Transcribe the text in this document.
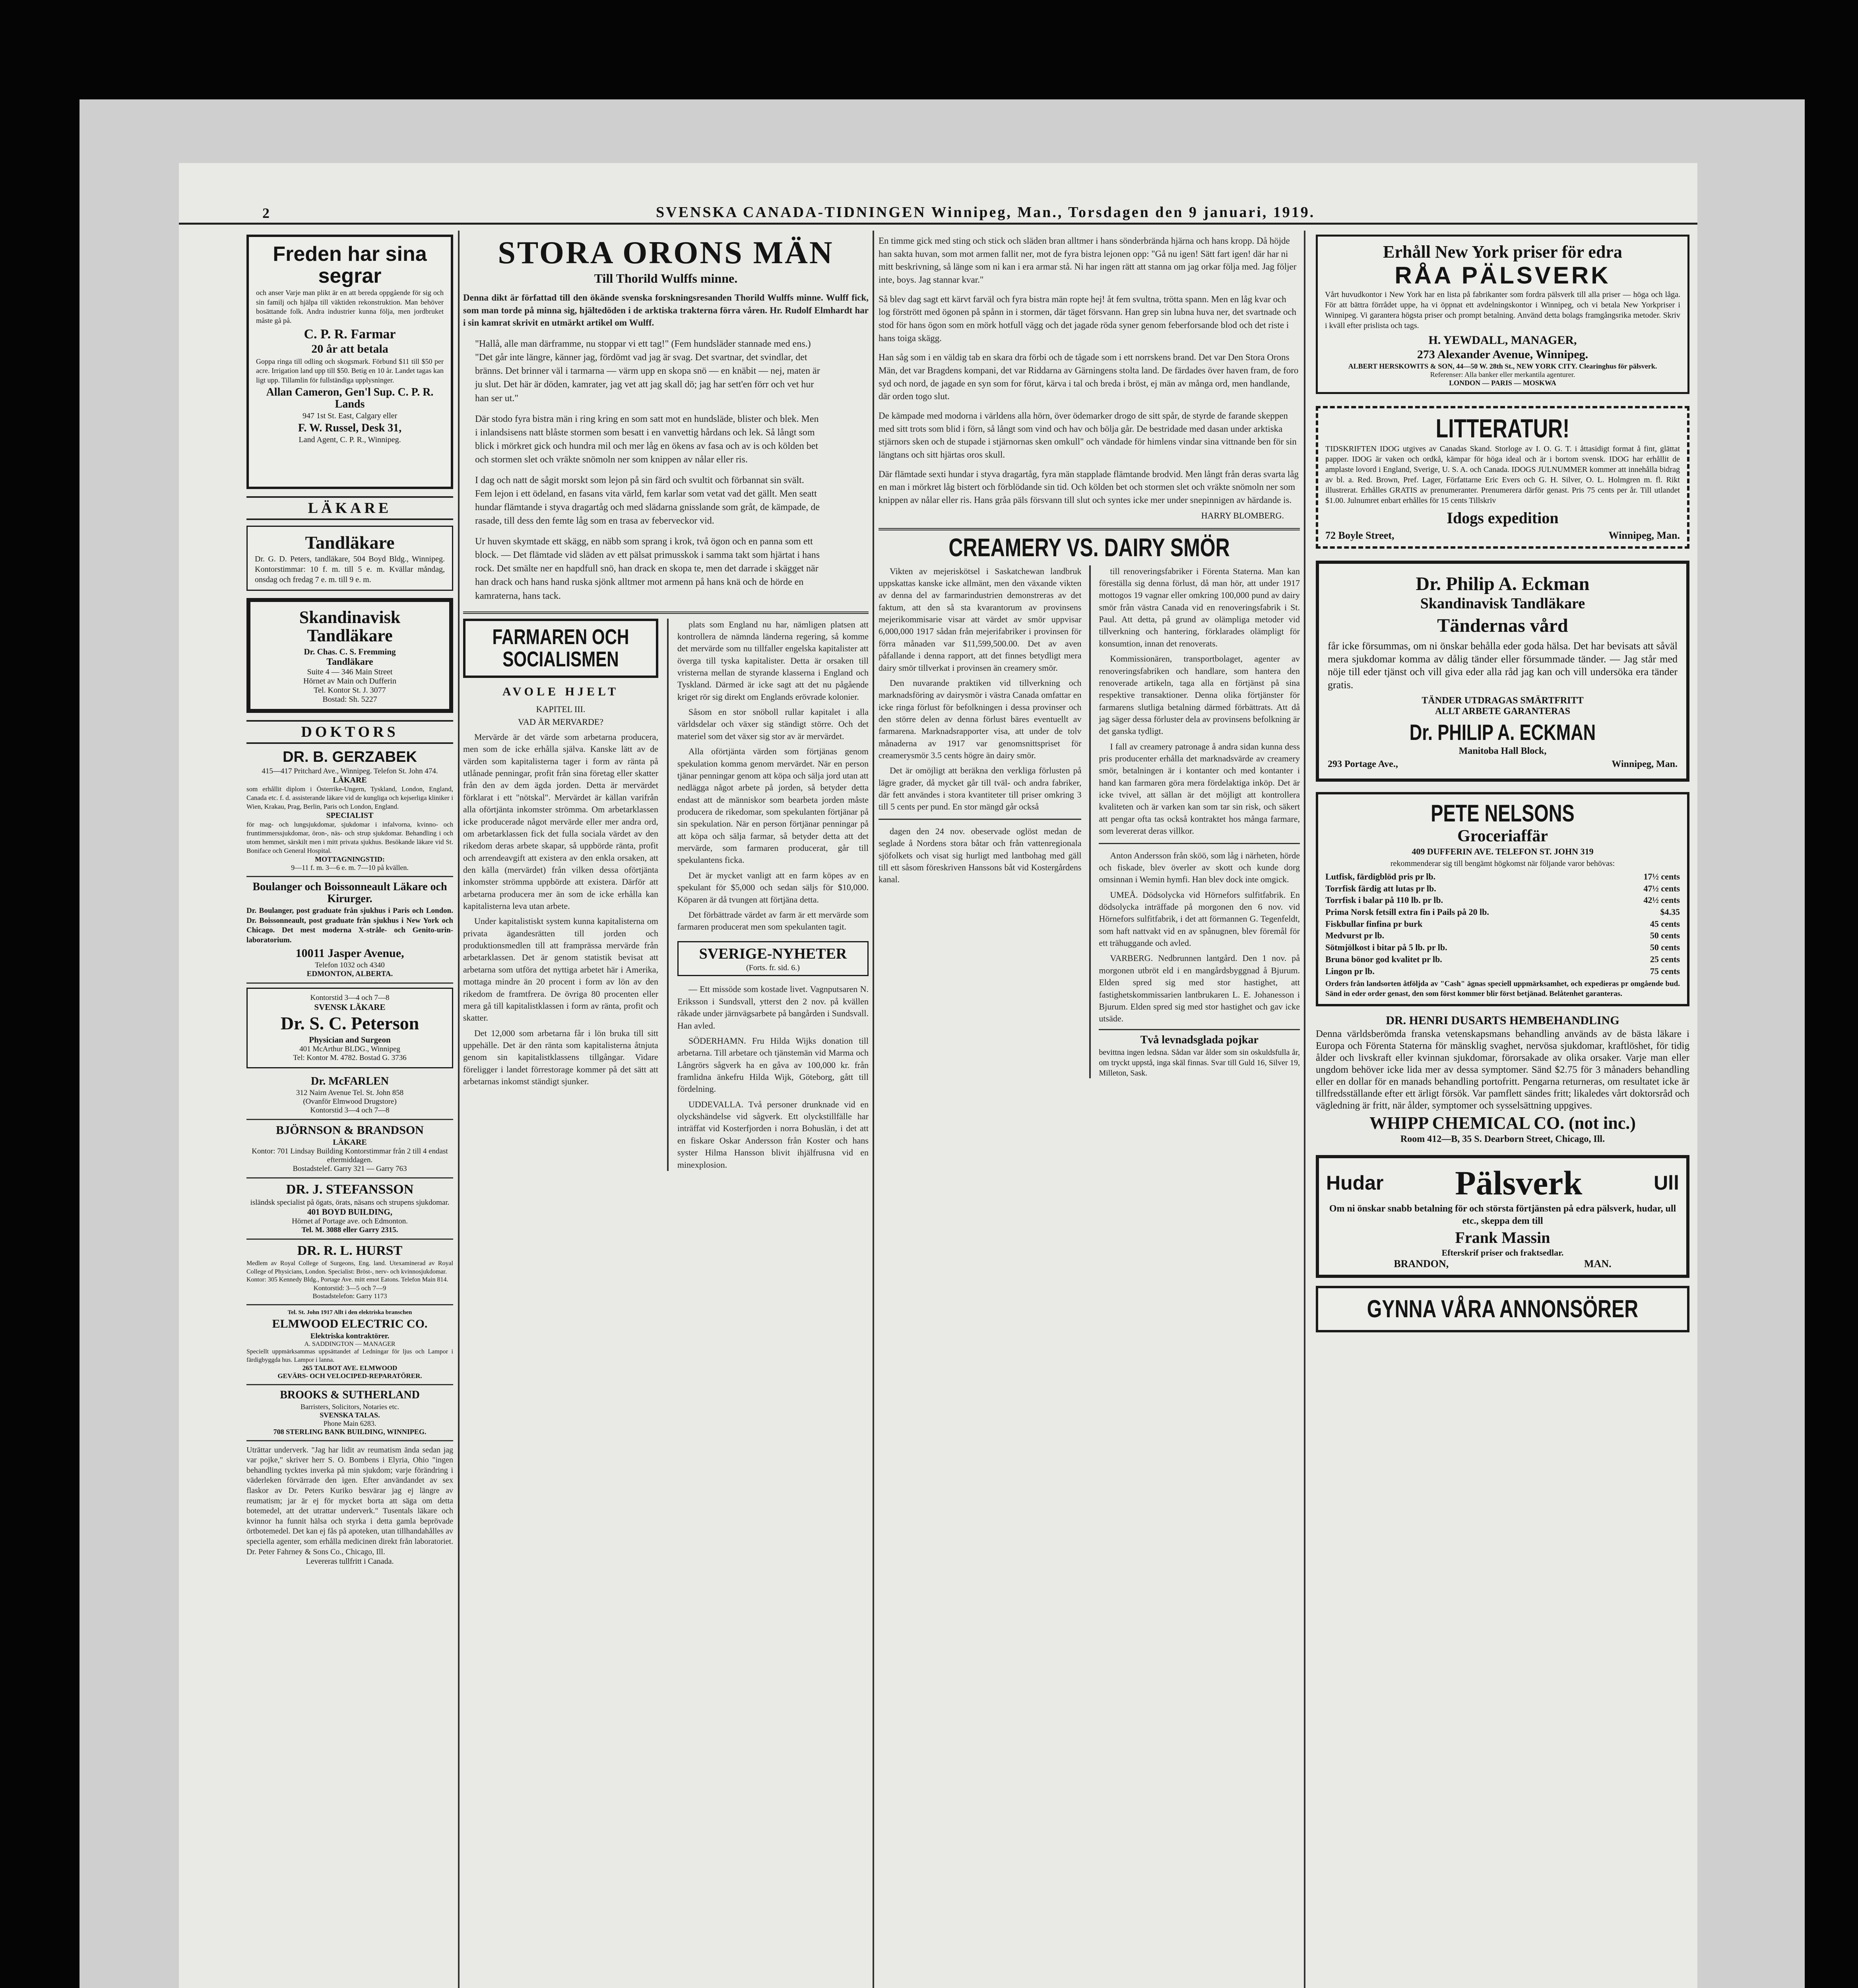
2	SVENSKA CANADA-TIDNINGEN Winnipeg, Man., Torsdagen den 9 januari, 1919.
Freden har sina segrar
och anser Varje man plikt är en att bereda oppgående för sig och sin familj och hjälpa till väktiden rekonstruktion. Man behöver bosättande folk. Andra industrier kunna följa, men jordbruket måste gå på.
C. P. R. Farmar
20 år att betala
Goppa ringa till odling och skogsmark. Förbund $11 till $50 per acre. Irrigation land upp till $50. Betig en 10 år. Landet tagas kan ligt upp. Tillamlin för fullständiga upplysninger.
Allan Cameron, Gen'l Sup. C. P. R. Lands
947 1st St. East, Calgary eller
F. W. Russel, Desk 31,
Land Agent, C. P. R., Winnipeg.
LÄKARE
Tandläkare
Dr. G. D. Peters, tandläkare, 504 Boyd Bldg., Winnipeg. Kontorstimmar: 10 f. m. till 5 e. m. Kvällar måndag, onsdag och fredag 7 e. m. till 9 e. m.
Skandinavisk Tandläkare
Dr. Chas. C. S. Fremming
Tandläkare
Suite 4 — 346 Main Street
Hörnet av Main och Dufferin
Tel. Kontor St. J. 3077
Bostad: Sh. 5227
DOKTORS
DR. B. GERZABEK
415—417 Pritchard Ave., Winnipeg. Telefon St. John 474.
LÄKARE
som erhållit diplom i Österrike-Ungern, Tyskland, London, England, Canada etc. f. d. assisterande läkare vid de kungliga och kejserliga kliniker i Wien, Krakau, Prag, Berlin, Paris och London, England.
SPECIALIST
för mag- och lungsjukdomar, sjukdomar i infalvorna, kvinno- och fruntimmerssjukdomar, öron-, näs- och strup sjukdomar. Behandling i och utom hemmet, särskilt men i mitt privata sjukhus. Besökande läkare vid St. Boniface och General Hospital.
MOTTAGNINGSTID:
9—11 f. m. 3—6 e. m. 7—10 på kvällen.
Boulanger och Boissonneault Läkare och Kirurger.
Dr. Boulanger, post graduate från sjukhus i Paris och London. Dr. Boissonneault, post graduate från sjukhus i New York och Chicago. Det mest moderna X-stråle- och Genito-urin-laboratorium.
10011 Jasper Avenue,
Telefon 1032 och 4340
EDMONTON, ALBERTA.
Kontorstid 3—4 och 7—8
SVENSK LÄKARE
Dr. S. C. Peterson
Physician and Surgeon
401 McArthur BLDG., Winnipeg
Tel: Kontor M. 4782. Bostad G. 3736
Dr. McFARLEN
312 Nairn Avenue Tel. St. John 858
(Ovanför Elmwood Drugstore)
Kontorstid 3—4 och 7—8
BJÖRNSON & BRANDSON
LÄKARE
Kontor: 701 Lindsay Building Kontorstimmar från 2 till 4 endast eftermiddagen.
Bostadstelef. Garry 321 — Garry 763
DR. J. STEFANSSON
isländsk specialist på ögats, örats, näsans och strupens sjukdomar.
401 BOYD BUILDING,
Hörnet af Portage ave. och Edmonton.
Tel. M. 3088 eller Garry 2315.
DR. R. L. HURST
Medlem av Royal College of Surgeons, Eng. land. Utexaminerad av Royal College of Physicians, London. Specialist: Bröst-, nerv- och kvinnosjukdomar.
Kontor: 305 Kennedy Bldg., Portage Ave. mitt emot Eatons. Telefon Main 814.
Kontorstid: 3—5 och 7—9
Bostadstelefon: Garry 1173
Tel. St. John 1917 Allt i den elektriska branschen
ELMWOOD ELECTRIC CO.
Elektriska kontraktörer.
A. SADDINGTON — MANAGER
Speciellt uppmärksammas uppsättandet af Ledningar för ljus och Lampor i färdigbyggda hus. Lampor i lanna.
265 TALBOT AVE. ELMWOOD
GEVÄRS- OCH VELOCIPED-REPARATÖRER.
BROOKS & SUTHERLAND
Barristers, Solicitors, Notaries etc.
SVENSKA TALAS.
Phone Main 6283.
708 STERLING BANK BUILDING, WINNIPEG.
Uträttar underverk. "Jag har lidit av reumatism ända sedan jag var pojke," skriver herr S. O. Bombens i Elyria, Ohio "ingen behandling tycktes inverka på min sjukdom; varje förändring i väderleken förvärrade den igen. Efter användandet av sex flaskor av Dr. Peters Kuriko besvärar jag ej längre av reumatism; jar är ej för mycket borta att säga om detta botemedel, att det utrattar underverk." Tusentals läkare och kvinnor ha funnit hälsa och styrka i detta gamla beprövade örtbotemedel. Det kan ej fås på apoteken, utan tillhandahålles av speciella agenter, som erhålla medicinen direkt från laboratoriet. Dr. Peter Fahrney & Sons Co., Chicago, Ill.
Levereras tullfritt i Canada.
STORA ORONS MÄN
Till Thorild Wulffs minne.
Denna dikt är författad till den ökände svenska forskningsresanden Thorild Wulffs minne. Wulff fick, som man torde på minna sig, hjältedöden i de arktiska trakterna förra våren. Hr. Rudolf Elmhardt har i sin kamrat skrivit en utmärkt artikel om Wulff.

"Hallå, alle man därframme, nu stoppar vi ett tag!" (Fem hundsläder stannade med ens.) "Det går inte längre, känner jag, fördömt vad jag är svag. Det svartnar, det svindlar, det bränns. Det brinner väl i tarmarna — värm upp en skopa snö — en knäbit — nej, maten är ju slut. Det här är döden, kamrater, jag vet att jag skall dö; jag har sett'en förr och vet hur han ser ut."

Där stodo fyra bistra män i ring kring en som satt mot en hundsläde, blister och blek. Men i inlandsisens natt blåste stormen som besatt i en vanvettig hårdans och lek. Så långt som blick i mörkret gick och hundra mil och mer låg en ökens av fasa och av is och kölden bet och stormen slet och vräkte snömoln ner som knippen av nålar eller ris.

I dag och natt de sågit morskt som lejon på sin färd och svultit och förbannat sin svält. Fem lejon i ett ödeland, en fasans vita värld, fem karlar som vetat vad det gällt. Men seatt hundar flämtande i styva dragartåg och med slädarna gnisslande som gråt, de kämpade, de rasade, till dess den femte låg som en trasa av feberveckor vid.

Ur huven skymtade ett skägg, en näbb som sprang i krok, två ögon och en panna som ett block. — Det flämtade vid släden av ett pälsat primusskok i samma takt som hjärtat i hans rock. Det smälte ner en hapdfull snö, han drack en skopa te, men det darrade i skägget när han drack och hans hand ruska sjönk alltmer mot armenn på hans knä och de hörde en kamraterna, hans tack.

FARMAREN OCH SOCIALISMEN
AVOLE HJELT
KAPITEL III.
VAD ÄR MERVARDE?
Mervärde är det värde som arbetarna producera, men som de icke erhålla själva. Kanske lätt av de värden som kapitalisterna tager i form av ränta på utlånade penningar, profit från sina företag eller skatter från den av dem ägda jorden. Detta är mervärdet förklarat i ett "nötskal". Mervärdet är källan varifrån alla oförtjänta inkomster strömma. Om arbetarklassen icke producerade något mervärde eller mer andra ord, om arbetarklassen fick det fulla sociala värdet av den rikedom deras arbete skapar, så uppbörde ränta, profit och arrendeavgift att existera av den enkla orsaken, att den källa (mervärdet) från vilken dessa oförtjänta inkomster strömma uppbörde att existera. Därför att arbetarna producera mer än som de icke erhålla kan kapitalisterna leva utan arbete.
Under kapitalistiskt system kunna kapitalisterna om privata ägandesrätten till jorden och produktionsmedlen till att framprässa mervärde från arbetarklassen. Det är genom statistik bevisat att arbetarna som utföra det nyttiga arbetet här i Amerika, mottaga mindre än 20 procent i form av lön av den rikedom de framtfrera. De övriga 80 procenten eller mera gå till kapitalistklassen i form av ränta, profit och skatter.
Det 12,000 som arbetarna får i lön bruka till sitt uppehälle. Det är den ränta som kapitalisterna åtnjuta genom sin kapitalistklassens tillgångar. Vidare föreligger i landet förrestorage kommer på det sätt att arbetarnas inkomst ständigt sjunker.
plats som England nu har, nämligen platsen att kontrollera de nämnda länderna regering, så komme det mervärde som nu tillfaller engelska kapitalister att överga till tyska kapitalister. Detta är orsaken till vristerna mellan de styrande klasserna i England och Tyskland. Därmed är icke sagt att det nu pågående kriget rör sig direkt om Englands erövrade kolonier.
Såsom en stor snöboll rullar kapitalet i alla världsdelar och växer sig ständigt större. Och det materiel som det växer sig stor av är mervärdet.
Alla oförtjänta värden som förtjänas genom spekulation komma genom mervärdet. När en person tjänar penningar genom att köpa och sälja jord utan att nedlägga något arbete på jorden, så betyder detta endast att de människor som bearbeta jorden måste producera de rikedomar, som spekulanten förtjänar på sin spekulation. När en person förtjänar penningar på att köpa och sälja farmar, så betyder detta att det mervärde, som farmaren producerat, går till spekulantens ficka.
Det är mycket vanligt att en farm köpes av en spekulant för $5,000 och sedan säljs för $10,000. Köparen är då tvungen att förtjäna detta.
Det förbättrade värdet av farm är ett mervärde som farmaren producerat men som spekulanten tagit.
SVERIGE-NYHETER
(Forts. fr. sid. 6.)
— Ett missöde som kostade livet. Vagnputsaren N. Eriksson i Sundsvall, ytterst den 2 nov. på kvällen råkade under järnvägsarbete på bangården i Sundsvall. Han avled.
SÖDERHAMN. Fru Hilda Wijks donation till arbetarna. Till arbetare och tjänstemän vid Marma och Långrörs sågverk ha en gåva av 100,000 kr. från framlidna änkefru Hilda Wijk, Göteborg, gått till fördelning.
UDDEVALLA. Två personer drunknade vid en olyckshändelse vid sågverk. Ett olyckstillfälle har inträffat vid Kosterfjorden i norra Bohuslän, i det att en fiskare Oskar Andersson från Koster och hans syster Hilma Hansson blivit ihjälfrusna vid en minexplosion.

En timme gick med sting och stick och släden bran alltmer i hans sönderbrända hjärna och hans kropp. Då höjde han sakta huvan, som mot armen fallit ner, mot de fyra bistra lejonen opp: "Gå nu igen! Sätt fart igen! där har ni mitt beskrivning, så länge som ni kan i era armar stå. Ni har ingen rätt att stanna om jag orkar följa med. Jag följer inte, boys. Jag stannar kvar."

Så blev dag sagt ett kärvt farväl och fyra bistra män ropte hej! åt fem svultna, trötta spann. Men en låg kvar och log förstrött med ögonen på spånn in i stormen, där täget försvann. Han grep sin lubna huva ner, det svartnade och stod för hans ögon som en mörk hotfull vägg och det jagade röda syner genom feberforsande blod och det riste i hans toiga skägg.

Han såg som i en väldig tab en skara dra förbi och de tågade som i ett norrskens brand. Det var Den Stora Orons Män, det var Bragdens kompani, det var Riddarna av Gärningens stolta land. De färdades över haven fram, de foro syd och nord, de jagade en syn som for förut, kärva i tal och breda i bröst, ej män av många ord, men handlande, där orden togo slut.

De kämpade med modorna i världens alla hörn, över ödemarker drogo de sitt spår, de styrde de farande skeppen med sitt trots som blid i förn, så långt som vind och hav och bölja går. De bestridade med dasan under arktiska stjärnors sken och de stupade i stjärnornas sken omkull" och vändade för himlens vindar sina vittnande ben för sin längtans och sitt hjärtas oros skull.

Där flämtade sexti hundar i styva dragartåg, fyra män stapplade flämtande brodvid. Men långt från deras svarta låg en man i mörkret låg bistert och förblödande sin tid. Och kölden bet och stormen slet och vräkte snömoln ner som knippen av nålar eller ris. Hans gråa päls försvann till slut och syntes icke mer under snepinnigen av härdande is.

HARRY BLOMBERG.
CREAMERY VS. DAIRY SMÖR
Vikten av mejeriskötsel i Saskatchewan landbruk uppskattas kanske icke allmänt, men den växande vikten av denna del av farmarindustrien demonstreras av det faktum, att den så sta kvarantorum av provinsens mejerikommisarie visar att värdet av smör uppvisar 6,000,000 1917 sådan från mejerifabriker i provinsen för förra månaden var $11,599,500.00. Det av aven påfallande i denna rapport, att det finnes betydligt mera dairy smör tillverkat i provinsen än creamery smör.
Den nuvarande praktiken vid tillverkning och marknadsföring av dairysmör i västra Canada omfattar en icke ringa förlust för befolkningen i dessa provinser och den större delen av denna förlust bäres eventuellt av farmarena. Marknadsrapporter visa, att under de tolv månaderna av 1917 var genomsnittspriset för creamerysmör 3.5 cents högre än dairy smör.
Det är omöjligt att beräkna den verkliga förlusten på lägre grader, då mycket går till tväl- och andra fabriker, där fett användes i stora kvantiteter till priser omkring 3 till 5 cents per pund. En stor mängd går också
dagen den 24 nov. obeservade oglöst medan de seglade å Nordens stora båtar och från vattenregionala sjöfolkets och visat sig hurligt med lantbohag med gäll till ett såsom föreskriven Hanssons båt vid Kostergårdens kanal.
till renoveringsfabriker i Förenta Staterna. Man kan föreställa sig denna förlust, då man hör, att under 1917 mottogos 19 vagnar eller omkring 100,000 pund av dairy smör från västra Canada vid en renoveringsfabrik i St. Paul. Att detta, på grund av olämpliga metoder vid tillverkning och hantering, förklarades olämpligt för konsumtion, innan det renoverats.
Kommissionären, transportbolaget, agenter av renoveringsfabriken och handlare, som hantera den renoverade artikeln, taga alla en förtjänst på sina respektive transaktioner. Denna olika förtjänster för farmarens slutliga betalning därmed förbättrats. Att då jag säger dessa förluster dela av provinsens befolkning är det ganska tydligt.
I fall av creamery patronage å andra sidan kunna dess pris producenter erhålla det marknadsvärde av creamery smör, betalningen är i kontanter och med kontanter i hand kan farmaren göra mera fördelaktiga inköp. Det är icke tvivel, att sällan är det möjligt att kontrollera kvaliteten och är varken kan som tar sin risk, och säkert att pengar ofta tas också kontraktet hos många farmare, som levererat deras villkor.
Anton Andersson från sköö, som låg i närheten, hörde och fiskade, blev överler av skott och kunde dorg omsinnan i Wemin hymfi. Han blev dock inte omgick.
UMEÅ. Dödsolycka vid Hörnefors sulfitfabrik. En dödsolycka inträffade på morgonen den 6 nov. vid Hörnefors sulfitfabrik, i det att förmannen G. Tegenfeldt, som haft nattvakt vid en av spånugnen, blev föremål för ett trähuggande och avled.
VARBERG. Nedbrunnen lantgård. Den 1 nov. på morgonen utbröt eld i en mangårdsbyggnad å Bjurum. Elden spred sig med stor hastighet, att fastighetskommissarien lantbrukaren L. E. Johanesson i Bjurum. Elden spred sig med stor hastighet och gav icke utsäde.
Två levnadsglada pojkar
bevittna ingen ledsna. Sådan var ålder som sin oskuldsfulla år, om tryckt uppstå, inga skäl finnas. Svar till Guld 16, Silver 19, Milleton, Sask.
Erhåll New York priser för edra
RÅA PÄLSVERK
Vårt huvudkontor i New York har en lista på fabrikanter som fordra pälsverk till alla priser — höga och låga. För att bättra förrådet uppe, ha vi öppnat ett avdelningskontor i Winnipeg, och vi betala New Yorkpriser i Winnipeg. Vi garantera högsta priser och prompt betalning. Använd detta bolags framgångsrika metoder. Skriv i kväll efter prislista och tags.
H. YEWDALL, MANAGER,
273 Alexander Avenue, Winnipeg.
ALBERT HERSKOWITS & SON, 44—50 W. 28th St., NEW YORK CITY. Clearinghus för pälsverk.
Referenser: Alla banker eller merkantila agenturer.
LONDON — PARIS — MOSKWA
LITTERATUR!
TIDSKRIFTEN IDOG utgives av Canadas Skand. Storloge av I. O. G. T. i åttasidigt format å fint, glättat papper. IDOG är vaken och ordkå, kämpar för höga ideal och är i bortom svensk. IDOG har erhållit de amplaste lovord i England, Sverige, U. S. A. och Canada. IDOGS JULNUMMER kommer att innehålla bidrag av bl. a. Red. Brown, Pref. Lager, Författarne Eric Evers och G. H. Silver, O. L. Holmgren m. fl. Rikt illustrerat. Erhålles GRATIS av prenumeranter. Prenumerera därför genast. Pris 75 cents per år. Till utlandet $1.00. Julnumret enbart erhålles för 15 cents Tillskriv
Idogs expedition
72 Boyle Street,	Winnipeg, Man.
Dr. Philip A. Eckman
Skandinavisk Tandläkare
Tändernas vård
får icke försummas, om ni önskar behålla eder goda hälsa. Det har bevisats att såväl mera sjukdomar komma av dålig tänder eller försummade tänder. — Jag står med nöje till eder tjänst och vill giva eder alla råd jag kan och vill undersöka era tänder gratis.
TÄNDER UTDRAGAS SMÄRTFRITT
ALLT ARBETE GARANTERAS
Dr. PHILIP A. ECKMAN
Manitoba Hall Block,
293 Portage Ave.,	Winnipeg, Man.
PETE NELSONS
Groceriaffär
409 DUFFERIN AVE. TELEFON ST. JOHN 319
rekommenderar sig till bengämt högkomst när följande varor behövas:
Lutfisk, färdigblöd pris pr lb.	17½ cents
Torrfisk färdig att lutas pr lb.	47½ cents
Torrfisk i balar på 110 lb. pr lb.	42½ cents
Prima Norsk fetsill extra fin i Pails på 20 lb.	$4.35
Fiskbullar finfina pr burk	45 cents
Medvurst pr lb.	50 cents
Sötmjölkost i bitar på 5 lb. pr lb.	50 cents
Bruna bönor god kvalitet pr lb.	25 cents
Lingon pr lb.	75 cents
Orders från landsorten åtföljda av "Cash" ägnas speciell uppmärksamhet, och expedieras pr omgående bud. Sänd in eder order genast, den som först kommer blir först betjänad. Belåtenhet garanteras.
DR. HENRI DUSARTS HEMBEHANDLING
Denna världsberömda franska vetenskapsmans behandling används av de bästa läkare i Europa och Förenta Staterna för mänsklig svaghet, nervösa sjukdomar, kraftlöshet, för tidig ålder och livskraft eller kvinnan sjukdomar, förorsakade av olika orsaker. Varje man eller ungdom behöver icke lida mer av dessa symptomer. Sänd $2.75 för 3 månaders behandling eller en dollar för en manads behandling portofritt. Pengarna returneras, om resultatet icke är tillfredsställande efter ett ärligt försök. Var pamflett sändes fritt; likaledes vårt doktorsråd och vägledning är fritt, när ålder, symptomer och sysselsättning uppgives.
WHIPP CHEMICAL CO. (not inc.)
Room 412—B, 35 S. Dearborn Street, Chicago, Ill.
Hudar Pälsverk	Ull
Om ni önskar snabb betalning för och största förtjänsten på edra pälsverk, hudar, ull etc., skeppa dem till
Frank Massin
Efterskrif priser och fraktsedlar.
BRANDON,	MAN.
GYNNA VÅRA ANNONSÖRER
